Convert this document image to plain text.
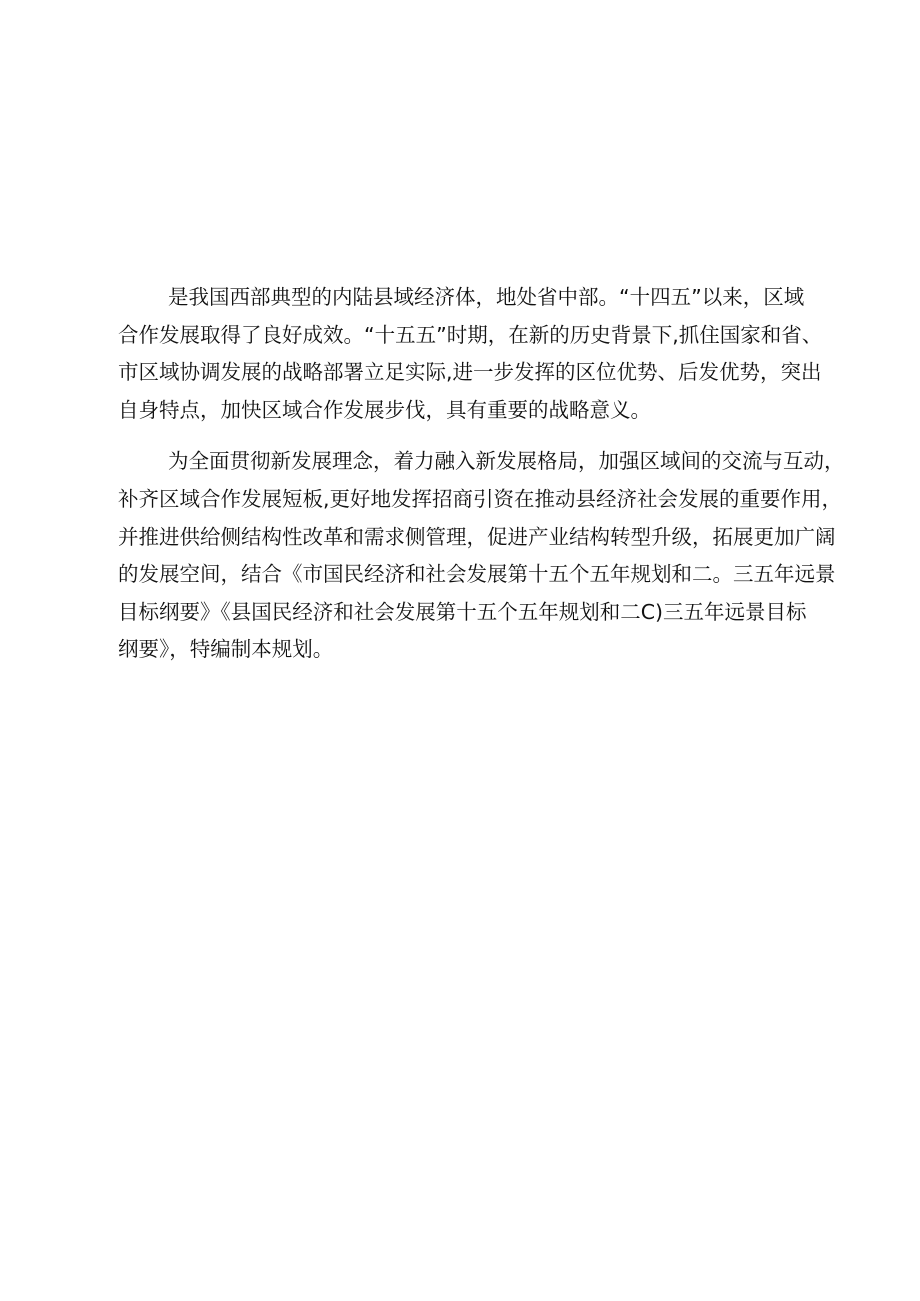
是我国西部典型的内陆县域经济体，地处省中部。“十四五”以来，区域
合作发展取得了良好成效。“十五五”时期，在新的历史背景下,抓住国家和省、
市区域协调发展的战略部署立足实际,进一步发挥的区位优势、后发优势，突出
自身特点，加快区域合作发展步伐，具有重要的战略意义。

为全面贯彻新发展理念，着力融入新发展格局，加强区域间的交流与互动，
补齐区域合作发展短板,更好地发挥招商引资在推动县经济社会发展的重要作用，
并推进供给侧结构性改革和需求侧管理，促进产业结构转型升级，拓展更加广阔
的发展空间，结合《市国民经济和社会发展第十五个五年规划和二。三五年远景
目标纲要》《县国民经济和社会发展第十五个五年规划和二C)三五年远景目标
纲要》，特编制本规划。
